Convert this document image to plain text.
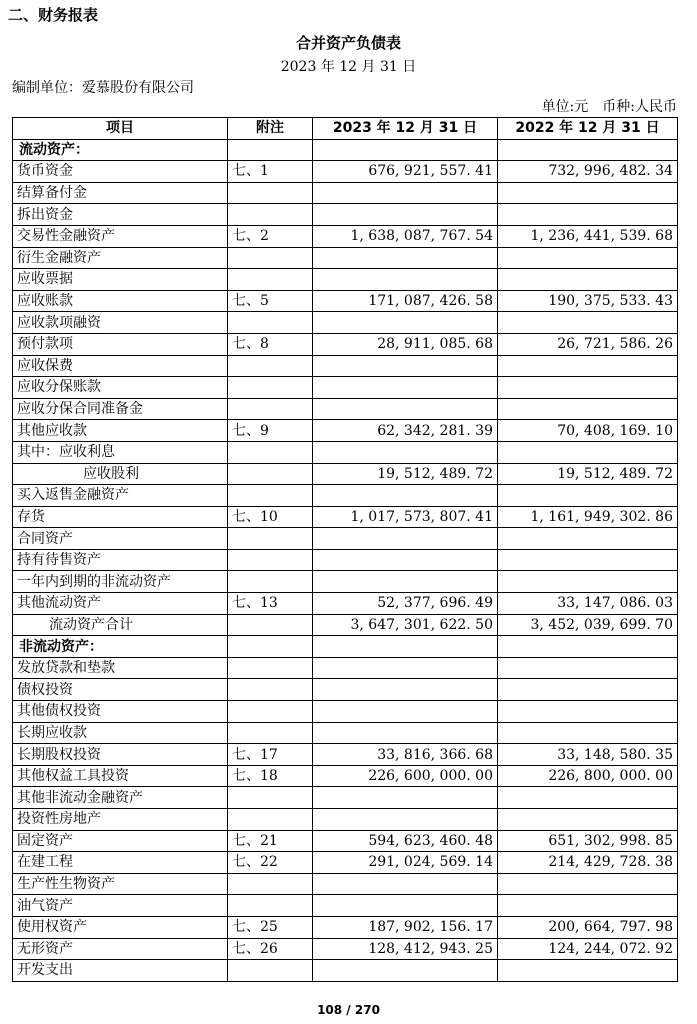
二、财务报表
合并资产负债表
2023 年 12 月 31 日
编制单位：爱慕股份有限公司
单位:元　币种:人民币
项目	附注	2023 年 12 月 31 日	2022 年 12 月 31 日
流动资产：			
货币资金	七、1	676, 921, 557. 41	732, 996, 482. 34
结算备付金			
拆出资金			
交易性金融资产	七、2	1, 638, 087, 767. 54	1, 236, 441, 539. 68
衍生金融资产			
应收票据			
应收账款	七、5	171, 087, 426. 58	190, 375, 533. 43
应收款项融资			
预付款项	七、8	28, 911, 085. 68	26, 721, 586. 26
应收保费			
应收分保账款			
应收分保合同准备金			
其他应收款	七、9	62, 342, 281. 39	70, 408, 169. 10
其中：应收利息			
应收股利		19, 512, 489. 72	19, 512, 489. 72
买入返售金融资产			
存货	七、10	1, 017, 573, 807. 41	1, 161, 949, 302. 86
合同资产			
持有待售资产			
一年内到期的非流动资产			
其他流动资产	七、13	52, 377, 696. 49	33, 147, 086. 03
流动资产合计		3, 647, 301, 622. 50	3, 452, 039, 699. 70
非流动资产：			
发放贷款和垫款			
债权投资			
其他债权投资			
长期应收款			
长期股权投资	七、17	33, 816, 366. 68	33, 148, 580. 35
其他权益工具投资	七、18	226, 600, 000. 00	226, 800, 000. 00
其他非流动金融资产			
投资性房地产			
固定资产	七、21	594, 623, 460. 48	651, 302, 998. 85
在建工程	七、22	291, 024, 569. 14	214, 429, 728. 38
生产性生物资产			
油气资产			
使用权资产	七、25	187, 902, 156. 17	200, 664, 797. 98
无形资产	七、26	128, 412, 943. 25	124, 244, 072. 92
开发支出			
108 / 270
